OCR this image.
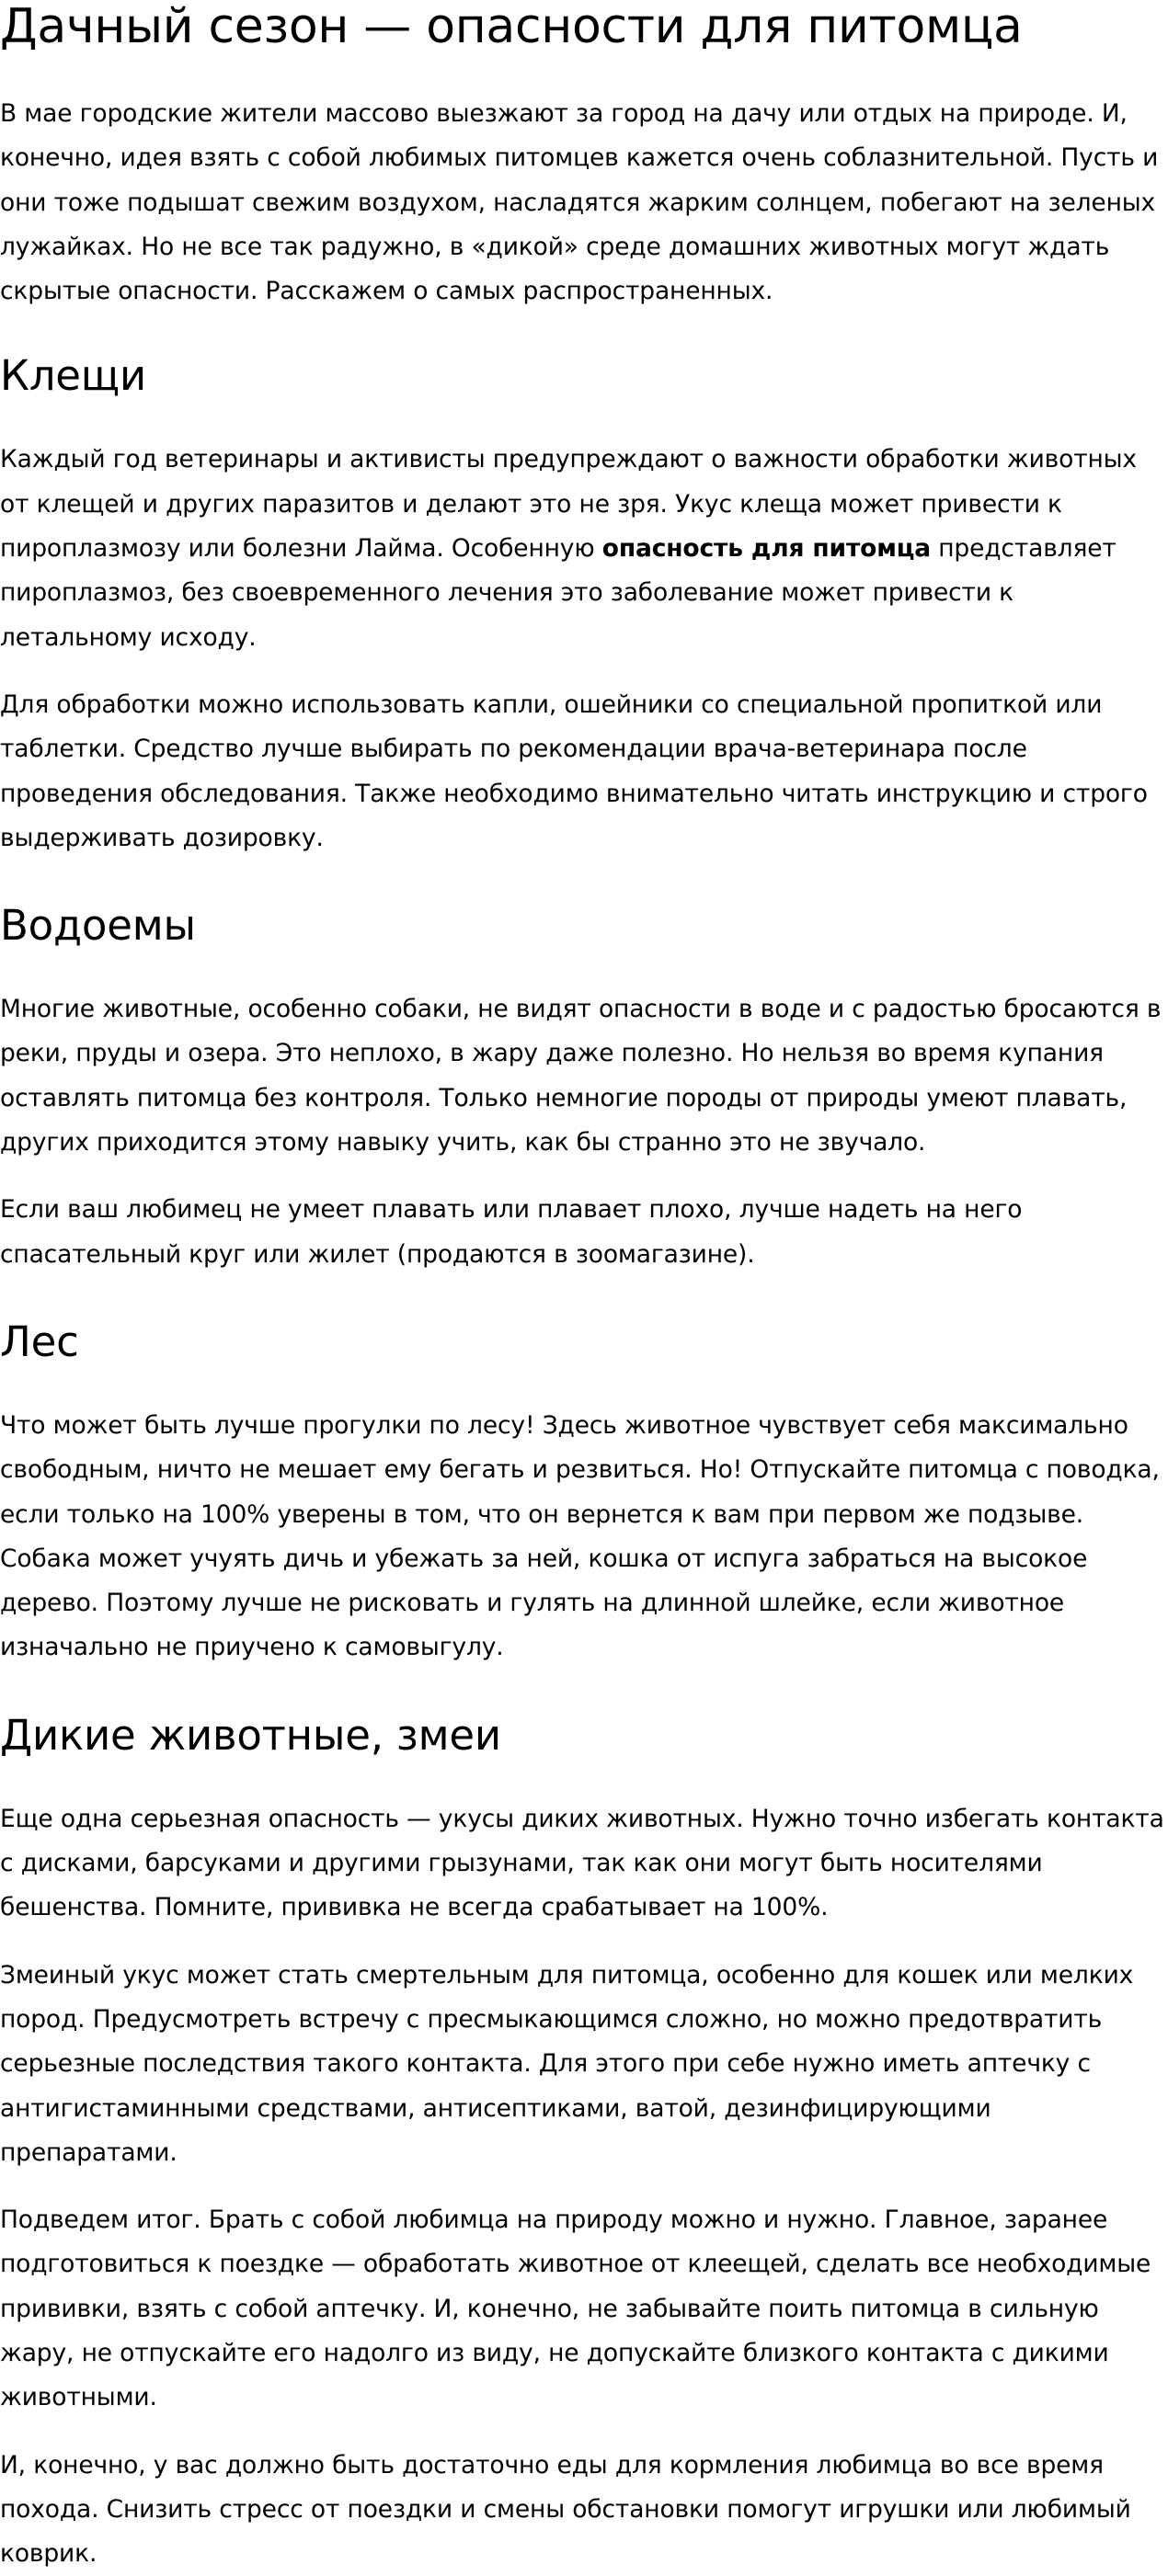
Дачный сезон — опасности для питомца

В мае городские жители массово выезжают за город на дачу или отдых на природе. И, конечно, идея взять с собой любимых питомцев кажется очень соблазнительной. Пусть и они тоже подышат свежим воздухом, насладятся жарким солнцем, побегают на зеленых лужайках. Но не все так радужно, в «дикой» среде домашних животных могут ждать скрытые опасности. Расскажем о самых распространенных.

Клещи

Каждый год ветеринары и активисты предупреждают о важности обработки животных от клещей и других паразитов и делают это не зря. Укус клеща может привести к пироплазмозу или болезни Лайма. Особенную опасность для питомца представляет пироплазмоз, без своевременного лечения это заболевание может привести к летальному исходу.

Для обработки можно использовать капли, ошейники со специальной пропиткой или таблетки. Средство лучше выбирать по рекомендации врача-ветеринара после проведения обследования. Также необходимо внимательно читать инструкцию и строго выдерживать дозировку.

Водоемы

Многие животные, особенно собаки, не видят опасности в воде и с радостью бросаются в реки, пруды и озера. Это неплохо, в жару даже полезно. Но нельзя во время купания оставлять питомца без контроля. Только немногие породы от природы умеют плавать, других приходится этому навыку учить, как бы странно это не звучало.

Если ваш любимец не умеет плавать или плавает плохо, лучше надеть на него спасательный круг или жилет (продаются в зоомагазине).

Лес

Что может быть лучше прогулки по лесу! Здесь животное чувствует себя максимально свободным, ничто не мешает ему бегать и резвиться. Но! Отпускайте питомца с поводка, если только на 100% уверены в том, что он вернется к вам при первом же подзыве. Собака может учуять дичь и убежать за ней, кошка от испуга забраться на высокое дерево. Поэтому лучше не рисковать и гулять на длинной шлейке, если животное изначально не приучено к самовыгулу.

Дикие животные, змеи

Еще одна серьезная опасность — укусы диких животных. Нужно точно избегать контакта с дисками, барсуками и другими грызунами, так как они могут быть носителями бешенства. Помните, прививка не всегда срабатывает на 100%.

Змеиный укус может стать смертельным для питомца, особенно для кошек или мелких пород. Предусмотреть встречу с пресмыкающимся сложно, но можно предотвратить серьезные последствия такого контакта. Для этого при себе нужно иметь аптечку с антигистаминными средствами, антисептиками, ватой, дезинфицирующими препаратами.

Подведем итог. Брать с собой любимца на природу можно и нужно. Главное, заранее подготовиться к поездке — обработать животное от клеещей, сделать все необходимые прививки, взять с собой аптечку. И, конечно, не забывайте поить питомца в сильную жару, не отпускайте его надолго из виду, не допускайте близкого контакта с дикими животными.

И, конечно, у вас должно быть достаточно еды для кормления любимца во все время похода. Снизить стресс от поездки и смены обстановки помогут игрушки или любимый коврик.
